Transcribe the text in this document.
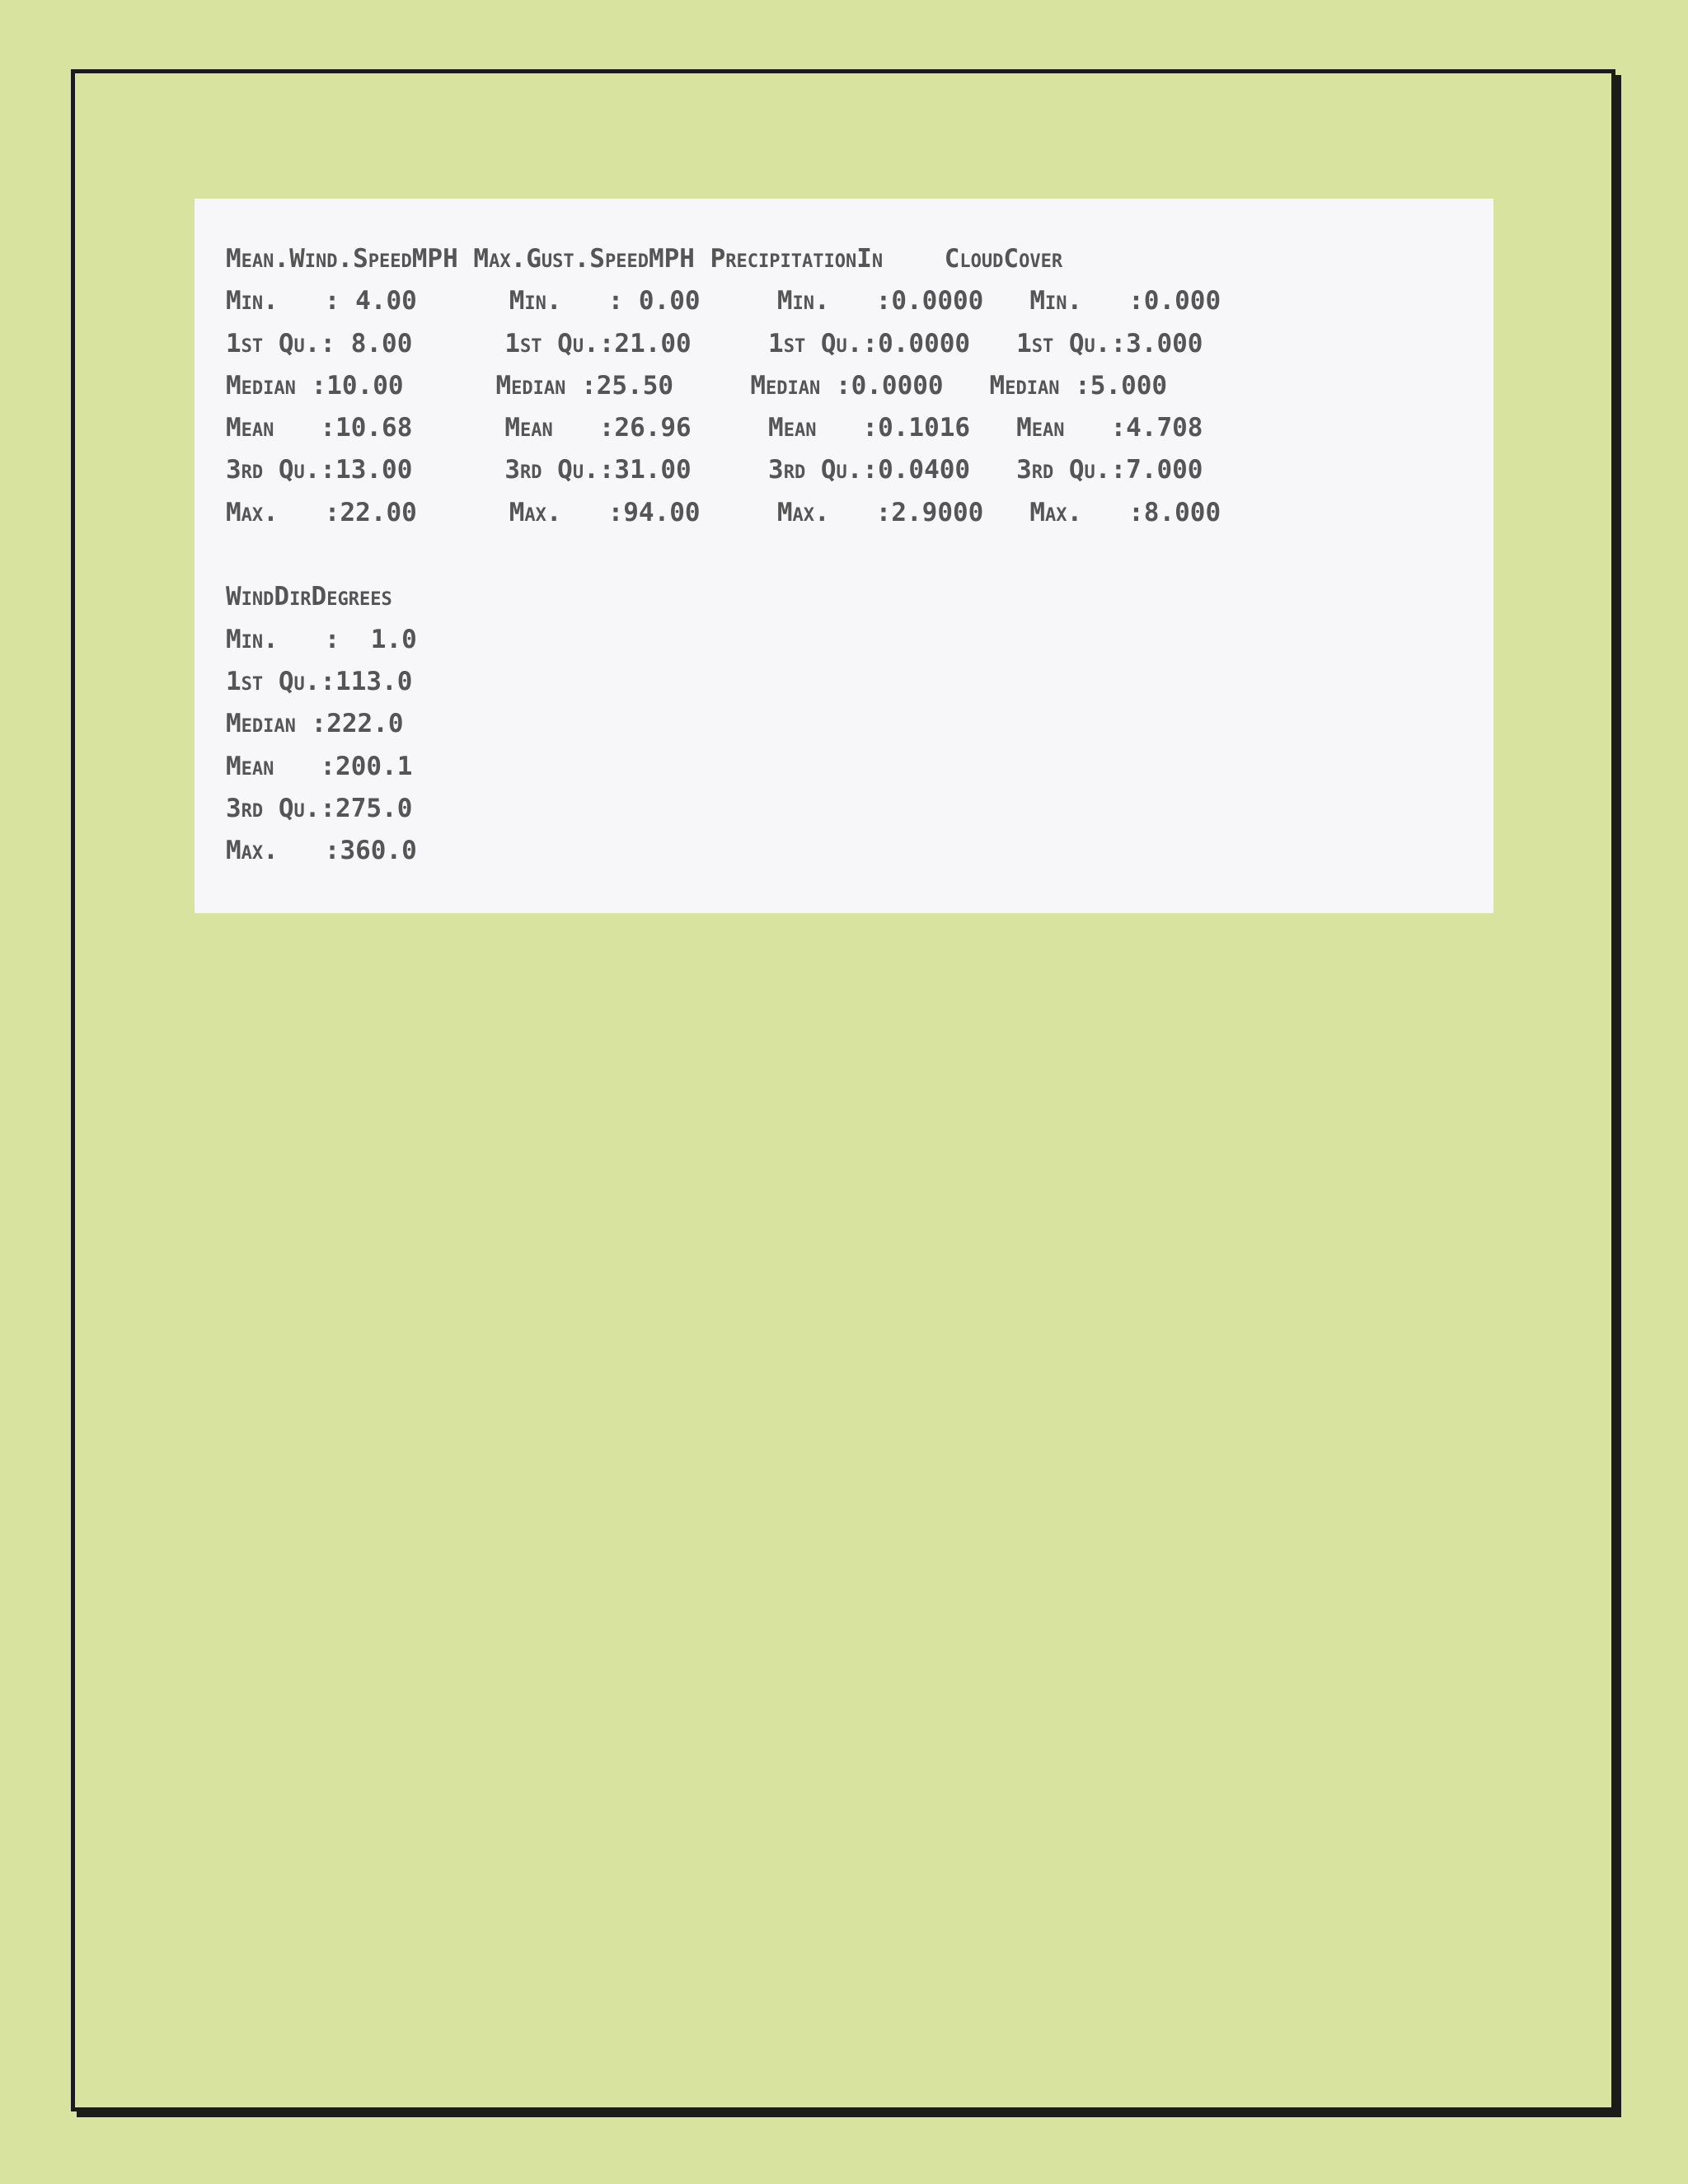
Mean.Wind.SpeedMPH Max.Gust.SpeedMPH PrecipitationIn    CloudCover
Min.   : 4.00      Min.   : 0.00     Min.   :0.0000   Min.   :0.000
1st Qu.: 8.00      1st Qu.:21.00     1st Qu.:0.0000   1st Qu.:3.000
Median :10.00      Median :25.50     Median :0.0000   Median :5.000
Mean   :10.68      Mean   :26.96     Mean   :0.1016   Mean   :4.708
3rd Qu.:13.00      3rd Qu.:31.00     3rd Qu.:0.0400   3rd Qu.:7.000
Max.   :22.00      Max.   :94.00     Max.   :2.9000   Max.   :8.000

WindDirDegrees
Min.   :  1.0
1st Qu.:113.0
Median :222.0
Mean   :200.1
3rd Qu.:275.0
Max.   :360.0
